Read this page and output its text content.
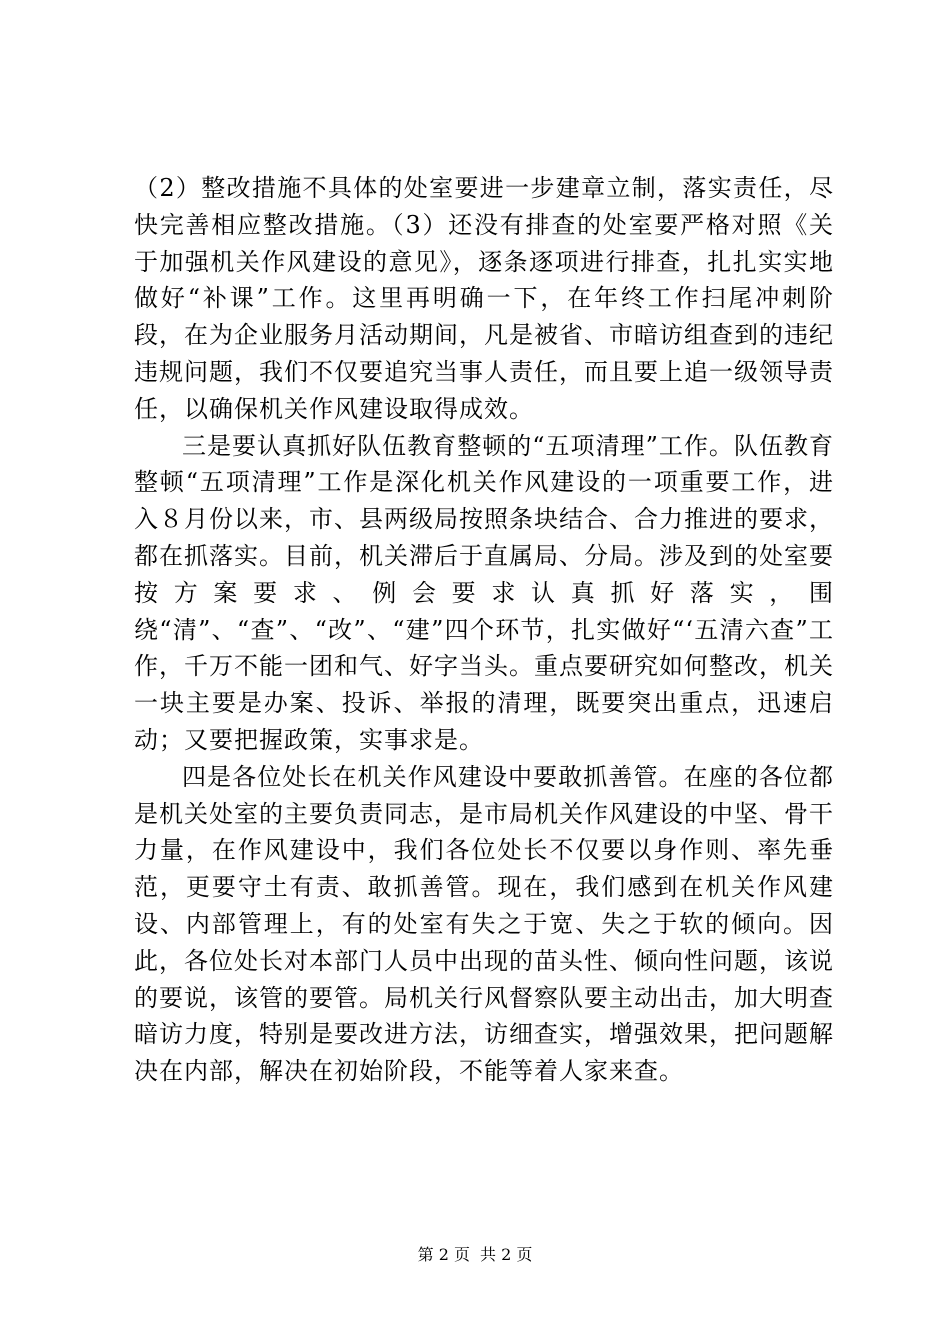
（2）整改措施不具体的处室要进一步建章立制，落实责任，尽快完善相应整改措施。（3）还没有排查的处室要严格对照《关于加强机关作风建设的意见》，逐条逐项进行排查，扎扎实实地做好“补课”工作。这里再明确一下，在年终工作扫尾冲刺阶段，在为企业服务月活动期间，凡是被省、市暗访组查到的违纪违规问题，我们不仅要追究当事人责任，而且要上追一级领导责任，以确保机关作风建设取得成效。

三是要认真抓好队伍教育整顿的“五项清理”工作。队伍教育整顿“五项清理”工作是深化机关作风建设的一项重要工作，进入８月份以来，市、县两级局按照条块结合、合力推进的要求，都在抓落实。目前，机关滞后于直属局、分局。涉及到的处室要按方案要求、例会要求认真抓好落实，围绕“清”、“查”、“改”、“建”四个环节，扎实做好“‘五清六查”工作，千万不能一团和气、好字当头。重点要研究如何整改，机关一块主要是办案、投诉、举报的清理，既要突出重点，迅速启动；又要把握政策，实事求是。

四是各位处长在机关作风建设中要敢抓善管。在座的各位都是机关处室的主要负责同志，是市局机关作风建设的中坚、骨干力量，在作风建设中，我们各位处长不仅要以身作则、率先垂范，更要守土有责、敢抓善管。现在，我们感到在机关作风建设、内部管理上，有的处室有失之于宽、失之于软的倾向。因此，各位处长对本部门人员中出现的苗头性、倾向性问题，该说的要说，该管的要管。局机关行风督察队要主动出击，加大明查暗访力度，特别是要改进方法，访细查实，增强效果，把问题解决在内部，解决在初始阶段，不能等着人家来查。

第 2 页 共 2 页
